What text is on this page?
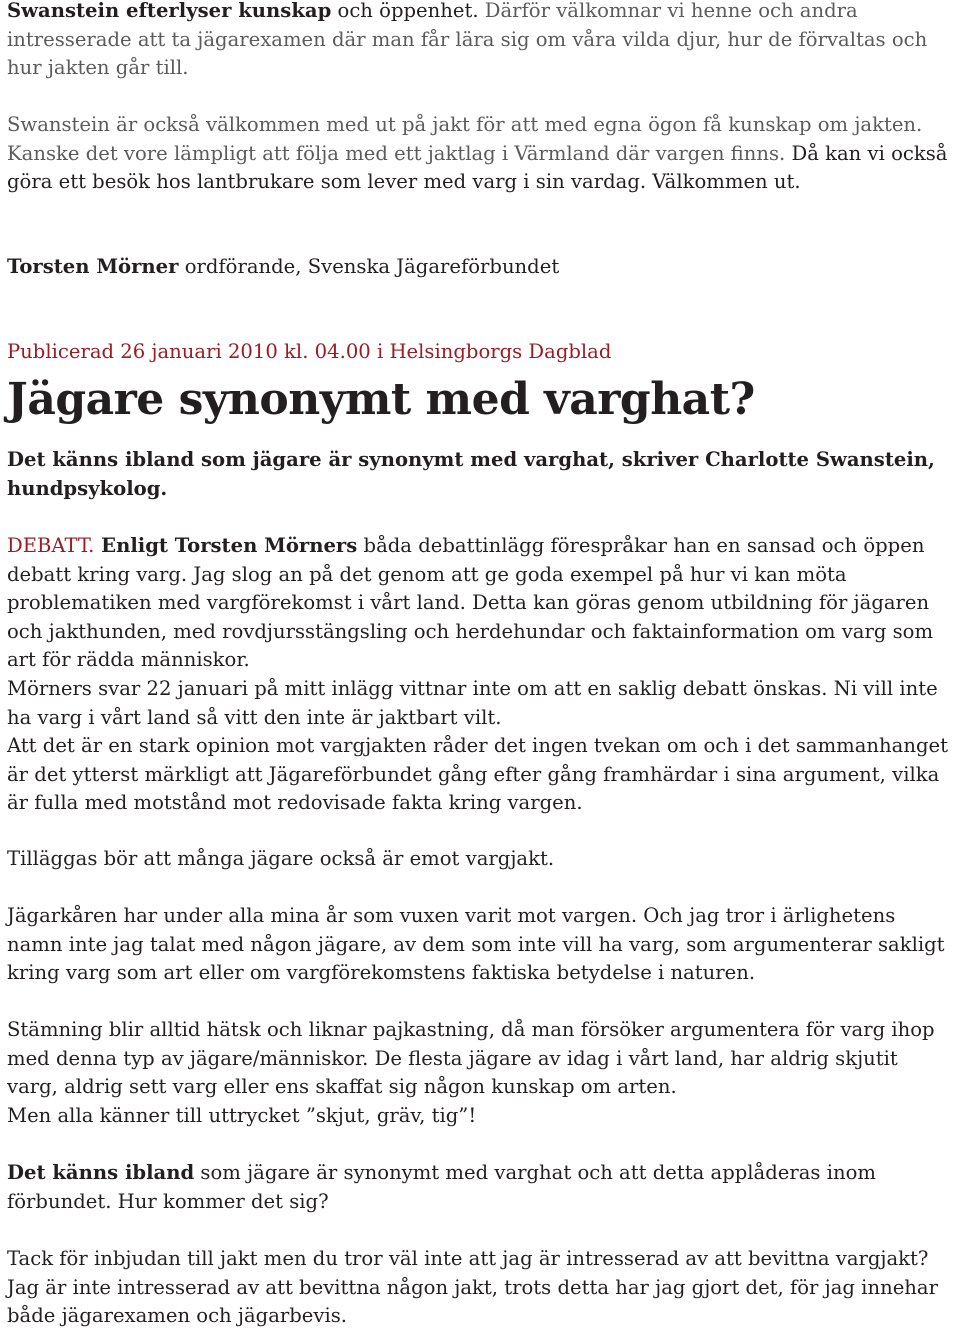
Swanstein efterlyser kunskap och öppenhet. Därför välkomnar vi henne och andra intresserade att ta jägarexamen där man får lära sig om våra vilda djur, hur de förvaltas och hur jakten går till.

Swanstein är också välkommen med ut på jakt för att med egna ögon få kunskap om jakten. Kanske det vore lämpligt att följa med ett jaktlag i Värmland där vargen finns. Då kan vi också göra ett besök hos lantbrukare som lever med varg i sin vardag. Välkommen ut.

Torsten Mörner ordförande, Svenska Jägareförbundet

Publicerad 26 januari 2010 kl. 04.00 i Helsingborgs Dagblad

Jägare synonymt med varghat?

Det känns ibland som jägare är synonymt med varghat, skriver Charlotte Swanstein, hundpsykolog.

DEBATT. Enligt Torsten Mörners båda debattinlägg förespråkar han en sansad och öppen debatt kring varg. Jag slog an på det genom att ge goda exempel på hur vi kan möta problematiken med vargförekomst i vårt land. Detta kan göras genom utbildning för jägaren och jakthunden, med rovdjursstängsling och herdehundar och faktainformation om varg som art för rädda människor.

Mörners svar 22 januari på mitt inlägg vittnar inte om att en saklig debatt önskas. Ni vill inte ha varg i vårt land så vitt den inte är jaktbart vilt.

Att det är en stark opinion mot vargjakten råder det ingen tvekan om och i det sammanhanget är det ytterst märkligt att Jägareförbundet gång efter gång framhärdar i sina argument, vilka är fulla med motstånd mot redovisade fakta kring vargen.

Tilläggas bör att många jägare också är emot vargjakt.

Jägarkåren har under alla mina år som vuxen varit mot vargen. Och jag tror i ärlighetens namn inte jag talat med någon jägare, av dem som inte vill ha varg, som argumenterar sakligt kring varg som art eller om vargförekomstens faktiska betydelse i naturen.

Stämning blir alltid hätsk och liknar pajkastning, då man försöker argumentera för varg ihop med denna typ av jägare/människor. De flesta jägare av idag i vårt land, har aldrig skjutit varg, aldrig sett varg eller ens skaffat sig någon kunskap om arten.

Men alla känner till uttrycket ”skjut, gräv, tig”!

Det känns ibland som jägare är synonymt med varghat och att detta applåderas inom förbundet. Hur kommer det sig?

Tack för inbjudan till jakt men du tror väl inte att jag är intresserad av att bevittna vargjakt? Jag är inte intresserad av att bevittna någon jakt, trots detta har jag gjort det, för jag innehar både jägarexamen och jägarbevis.
